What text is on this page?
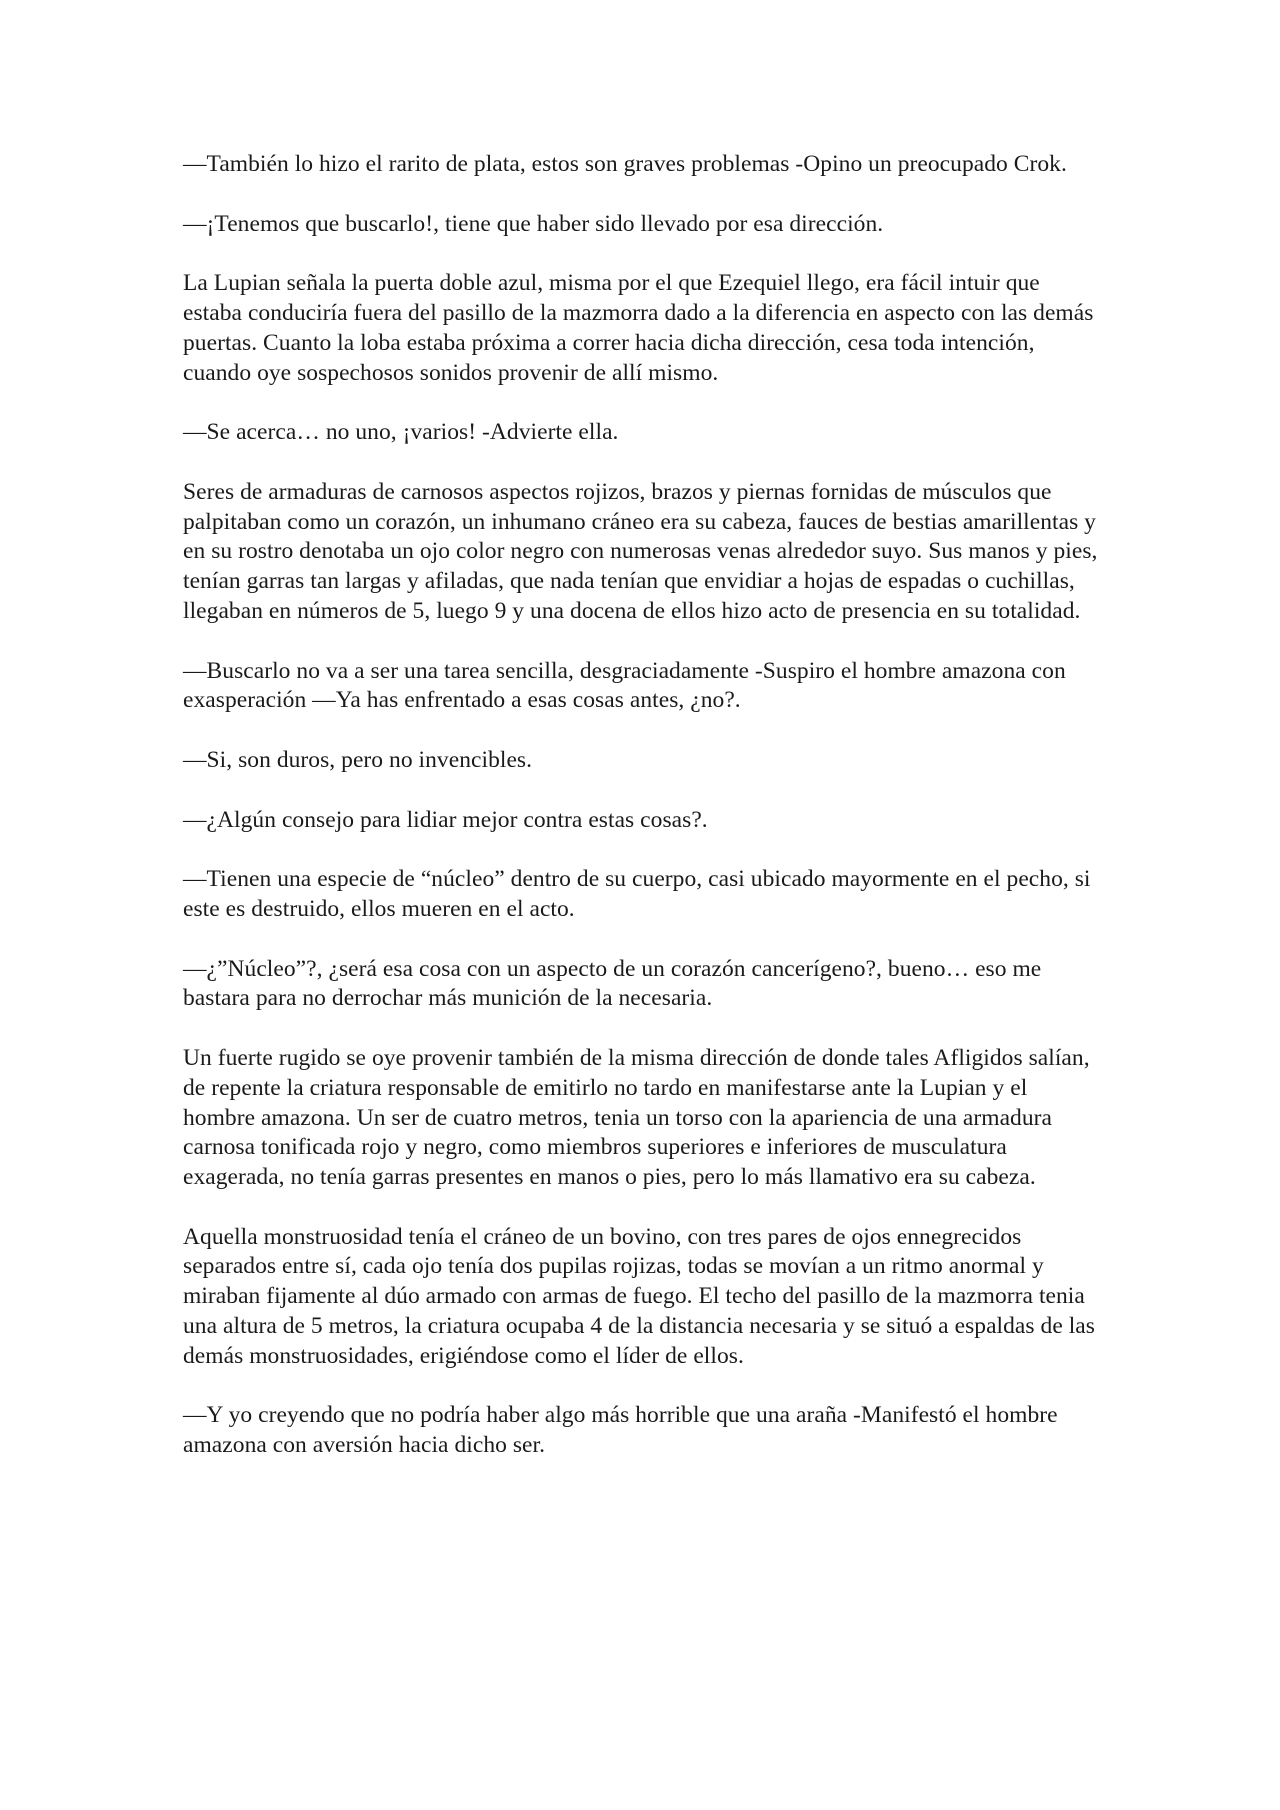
—También lo hizo el rarito de plata, estos son graves problemas -Opino un preocupado Crok.

—¡Tenemos que buscarlo!, tiene que haber sido llevado por esa dirección.

La Lupian señala la puerta doble azul, misma por el que Ezequiel llego, era fácil intuir que estaba conduciría fuera del pasillo de la mazmorra dado a la diferencia en aspecto con las demás puertas. Cuanto la loba estaba próxima a correr hacia dicha dirección, cesa toda intención, cuando oye sospechosos sonidos provenir de allí mismo.

—Se acerca… no uno, ¡varios! -Advierte ella.

Seres de armaduras de carnosos aspectos rojizos, brazos y piernas fornidas de músculos que palpitaban como un corazón, un inhumano cráneo era su cabeza, fauces de bestias amarillentas y en su rostro denotaba un ojo color negro con numerosas venas alrededor suyo. Sus manos y pies, tenían garras tan largas y afiladas, que nada tenían que envidiar a hojas de espadas o cuchillas, llegaban en números de 5, luego 9 y una docena de ellos hizo acto de presencia en su totalidad.

—Buscarlo no va a ser una tarea sencilla, desgraciadamente -Suspiro el hombre amazona con exasperación —Ya has enfrentado a esas cosas antes, ¿no?.

—Si, son duros, pero no invencibles.

—¿Algún consejo para lidiar mejor contra estas cosas?.

—Tienen una especie de “núcleo” dentro de su cuerpo, casi ubicado mayormente en el pecho, si este es destruido, ellos mueren en el acto.

—¿”Núcleo”?, ¿será esa cosa con un aspecto de un corazón cancerígeno?, bueno… eso me bastara para no derrochar más munición de la necesaria.

Un fuerte rugido se oye provenir también de la misma dirección de donde tales Afligidos salían, de repente la criatura responsable de emitirlo no tardo en manifestarse ante la Lupian y el hombre amazona. Un ser de cuatro metros, tenia un torso con la apariencia de una armadura carnosa tonificada rojo y negro, como miembros superiores e inferiores de musculatura exagerada, no tenía garras presentes en manos o pies, pero lo más llamativo era su cabeza.

Aquella monstruosidad tenía el cráneo de un bovino, con tres pares de ojos ennegrecidos separados entre sí, cada ojo tenía dos pupilas rojizas, todas se movían a un ritmo anormal y miraban fijamente al dúo armado con armas de fuego. El techo del pasillo de la mazmorra tenia una altura de 5 metros, la criatura ocupaba 4 de la distancia necesaria y se situó a espaldas de las demás monstruosidades, erigiéndose como el líder de ellos.

—Y yo creyendo que no podría haber algo más horrible que una araña -Manifestó el hombre amazona con aversión hacia dicho ser.
